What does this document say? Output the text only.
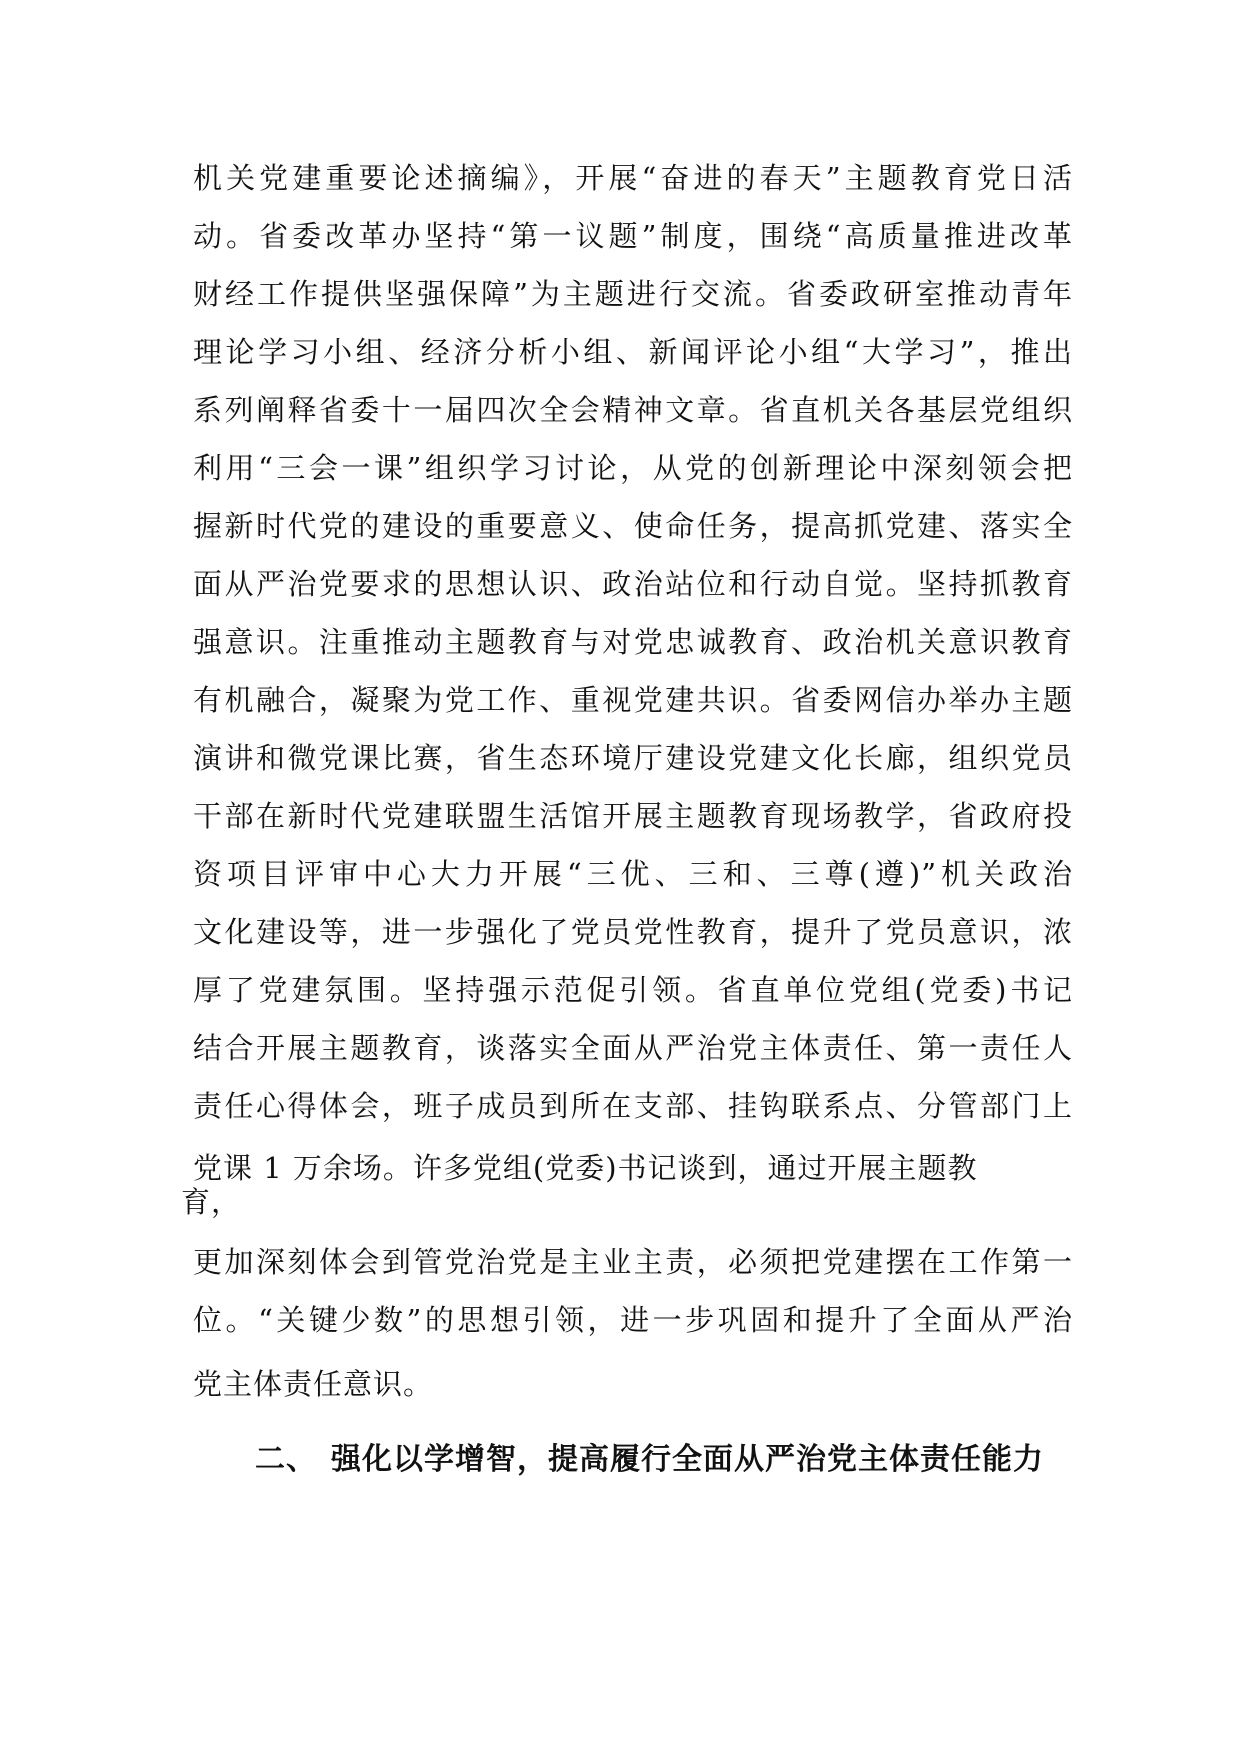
机关党建重要论述摘编》，开展“奋进的春天”主题教育党日活
动。省委改革办坚持“第一议题”制度，围绕“高质量推进改革
财经工作提供坚强保障”为主题进行交流。省委政研室推动青年
理论学习小组、经济分析小组、新闻评论小组“大学习”，推出
系列阐释省委十一届四次全会精神文章。省直机关各基层党组织
利用“三会一课”组织学习讨论，从党的创新理论中深刻领会把
握新时代党的建设的重要意义、使命任务，提高抓党建、落实全
面从严治党要求的思想认识、政治站位和行动自觉。坚持抓教育
强意识。注重推动主题教育与对党忠诚教育、政治机关意识教育
有机融合，凝聚为党工作、重视党建共识。省委网信办举办主题
演讲和微党课比赛，省生态环境厅建设党建文化长廊，组织党员
干部在新时代党建联盟生活馆开展主题教育现场教学，省政府投
资项目评审中心大力开展“三优、三和、三尊(遵)”机关政治
文化建设等，进一步强化了党员党性教育，提升了党员意识，浓
厚了党建氛围。坚持强示范促引领。省直单位党组(党委)书记
结合开展主题教育，谈落实全面从严治党主体责任、第一责任人
责任心得体会，班子成员到所在支部、挂钩联系点、分管部门上
党课 1 万余场。许多党组(党委)书记谈到，通过开展主题教
育，
更加深刻体会到管党治党是主业主责，必须把党建摆在工作第一
位。“关键少数”的思想引领，进一步巩固和提升了全面从严治
党主体责任意识。
二、 强化以学增智，提高履行全面从严治党主体责任能力
